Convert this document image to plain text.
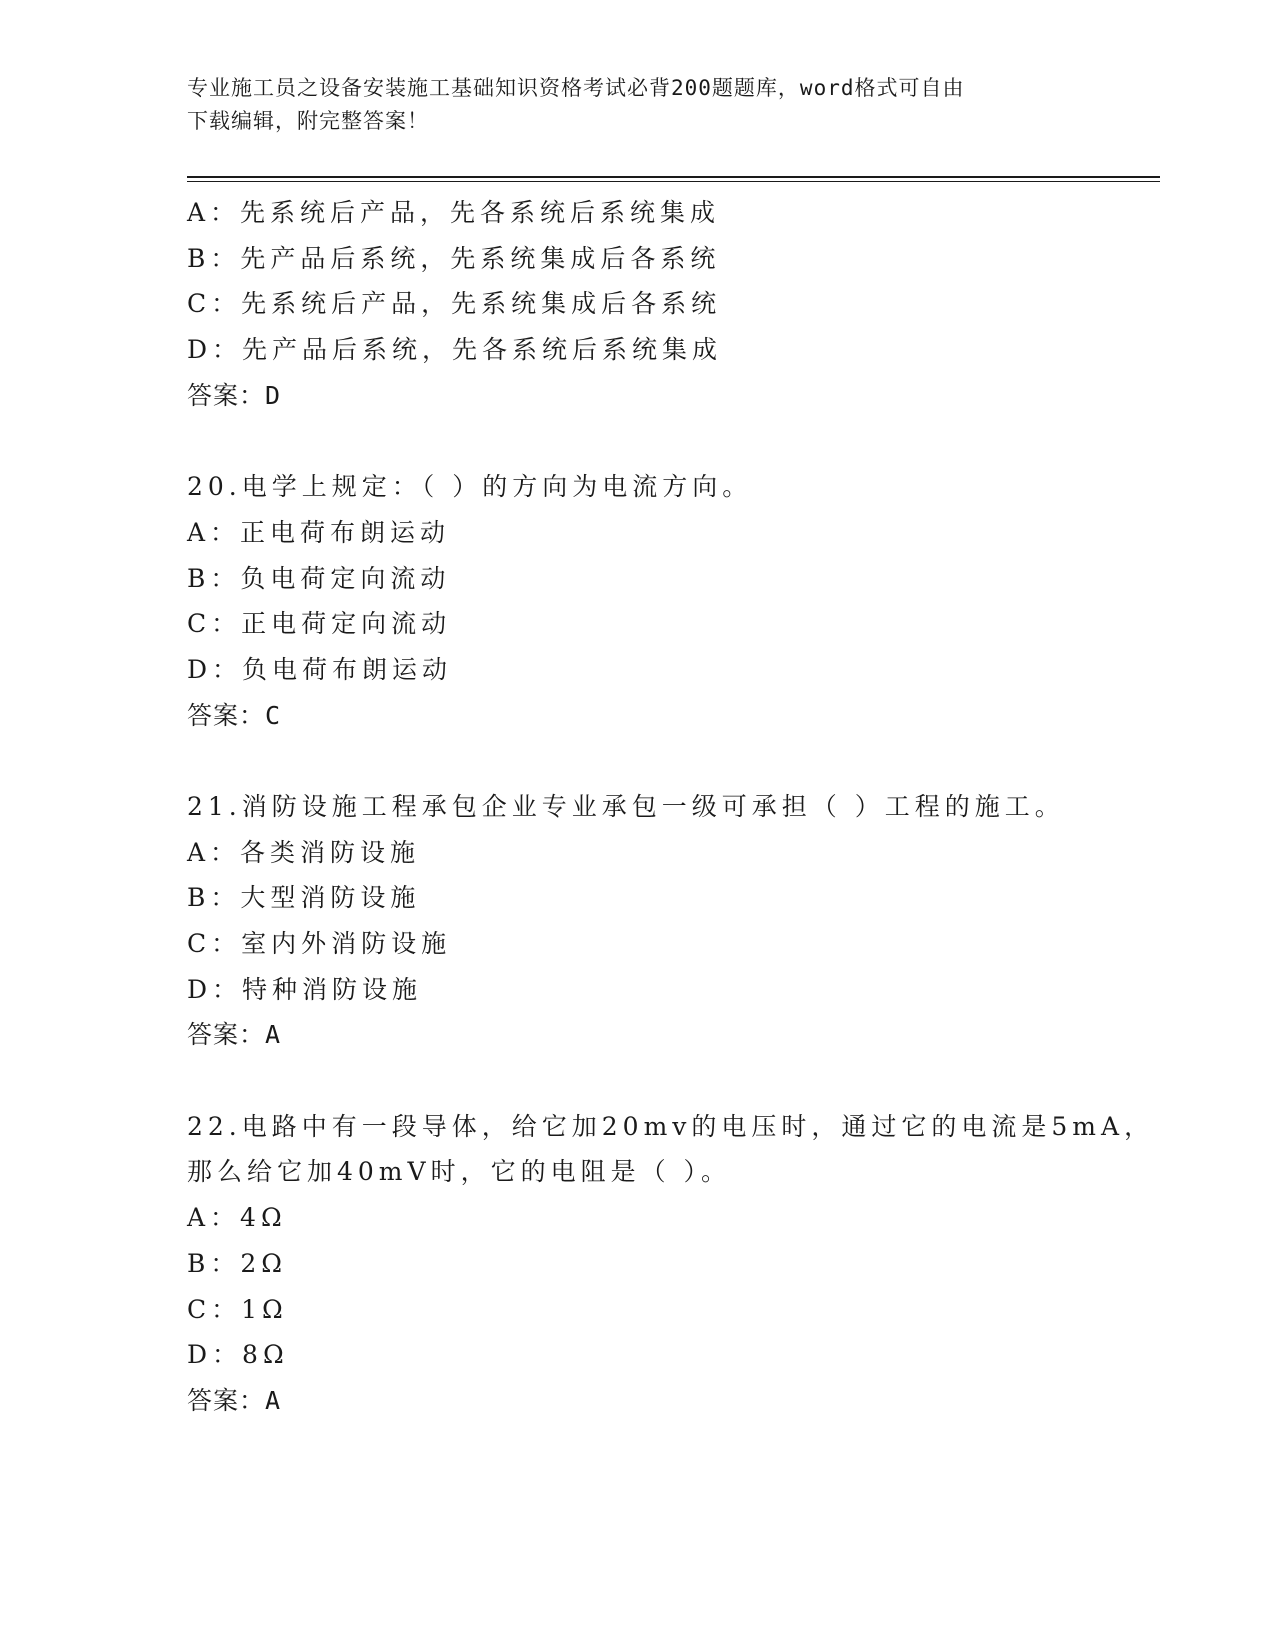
专业施工员之设备安装施工基础知识资格考试必背200题题库，word格式可自由
下载编辑，附完整答案！
A：先系统后产品，先各系统后系统集成
B：先产品后系统，先系统集成后各系统
C：先系统后产品，先系统集成后各系统
D：先产品后系统，先各系统后系统集成
答案：D
20.电学上规定：（ ）的方向为电流方向。
A：正电荷布朗运动
B：负电荷定向流动
C：正电荷定向流动
D：负电荷布朗运动
答案：C
21.消防设施工程承包企业专业承包一级可承担（ ）工程的施工。
A：各类消防设施
B：大型消防设施
C：室内外消防设施
D：特种消防设施
答案：A
22.电路中有一段导体，给它加20mv的电压时，通过它的电流是5mA，
那么给它加40mV时，它的电阻是（ ）。
A：4Ω
B：2Ω
C：1Ω
D：8Ω
答案：A
